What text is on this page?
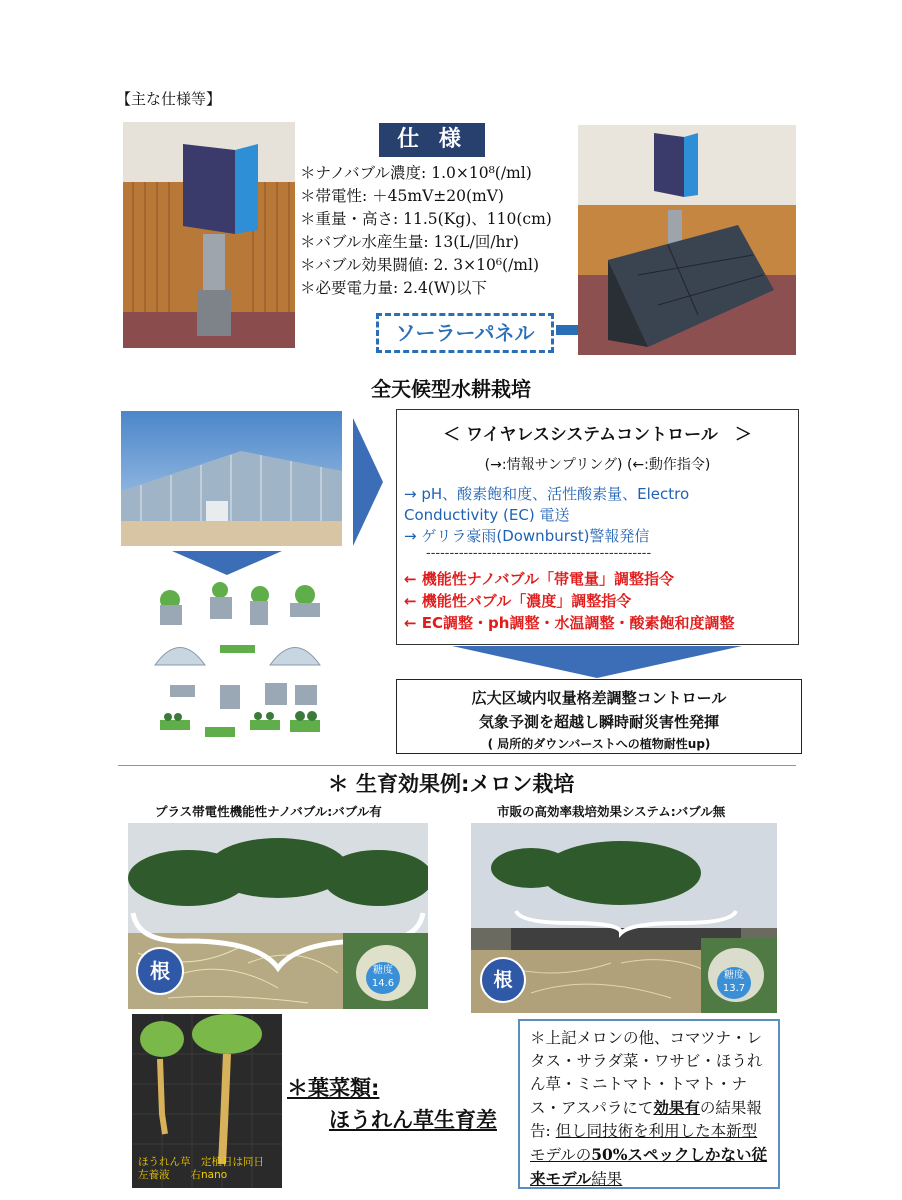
【主な仕様等】
仕 様
＊ナノバブル濃度: 1.0×10⁸(/ml)
＊帯電性: ＋45mV±20(mV)
＊重量・高さ: 11.5(Kg)、110(cm)
＊バブル水産生量: 13(L/回/hr)
＊バブル効果闘値: 2. 3×10⁶(/ml)
＊必要電力量: 2.4(W)以下
ソーラーパネル
全天候型水耕栽培
＜ ワイヤレスシステムコントロール　＞
(→:情報サンプリング) (←:動作指令)
→ pH、酸素飽和度、活性酸素量、Electro
Conductivity (EC) 電送
→ ゲリラ豪雨(Downburst)警報発信
------------------------------------------------
← 機能性ナノバブル「帯電量」調整指令
← 機能性バブル「濃度」調整指令
← EC調整・ph調整・水温調整・酸素飽和度調整
広大区域内収量格差調整コントロール
気象予測を超越し瞬時耐災害性発揮
( 局所的ダウンバーストへの植物耐性up)
＊ 生育効果例:メロン栽培
プラス帯電性機能性ナノバブル:バブル有	市販の高効率栽培効果システム:バブル無
根	糖度
14.6	根	糖度
13.7
ほうれん草　定植日は同日
左養液　　右nano
＊葉菜類:
ほうれん草生育差
＊上記メロンの他、コマツナ・レタス・サラダ菜・ワサビ・ほうれん草・ミニトマト・トマト・ナス・アスパラにて効果有の結果報告: 但し同技術を利用した本新型モデルの50%スペックしかない従来モデル結果
